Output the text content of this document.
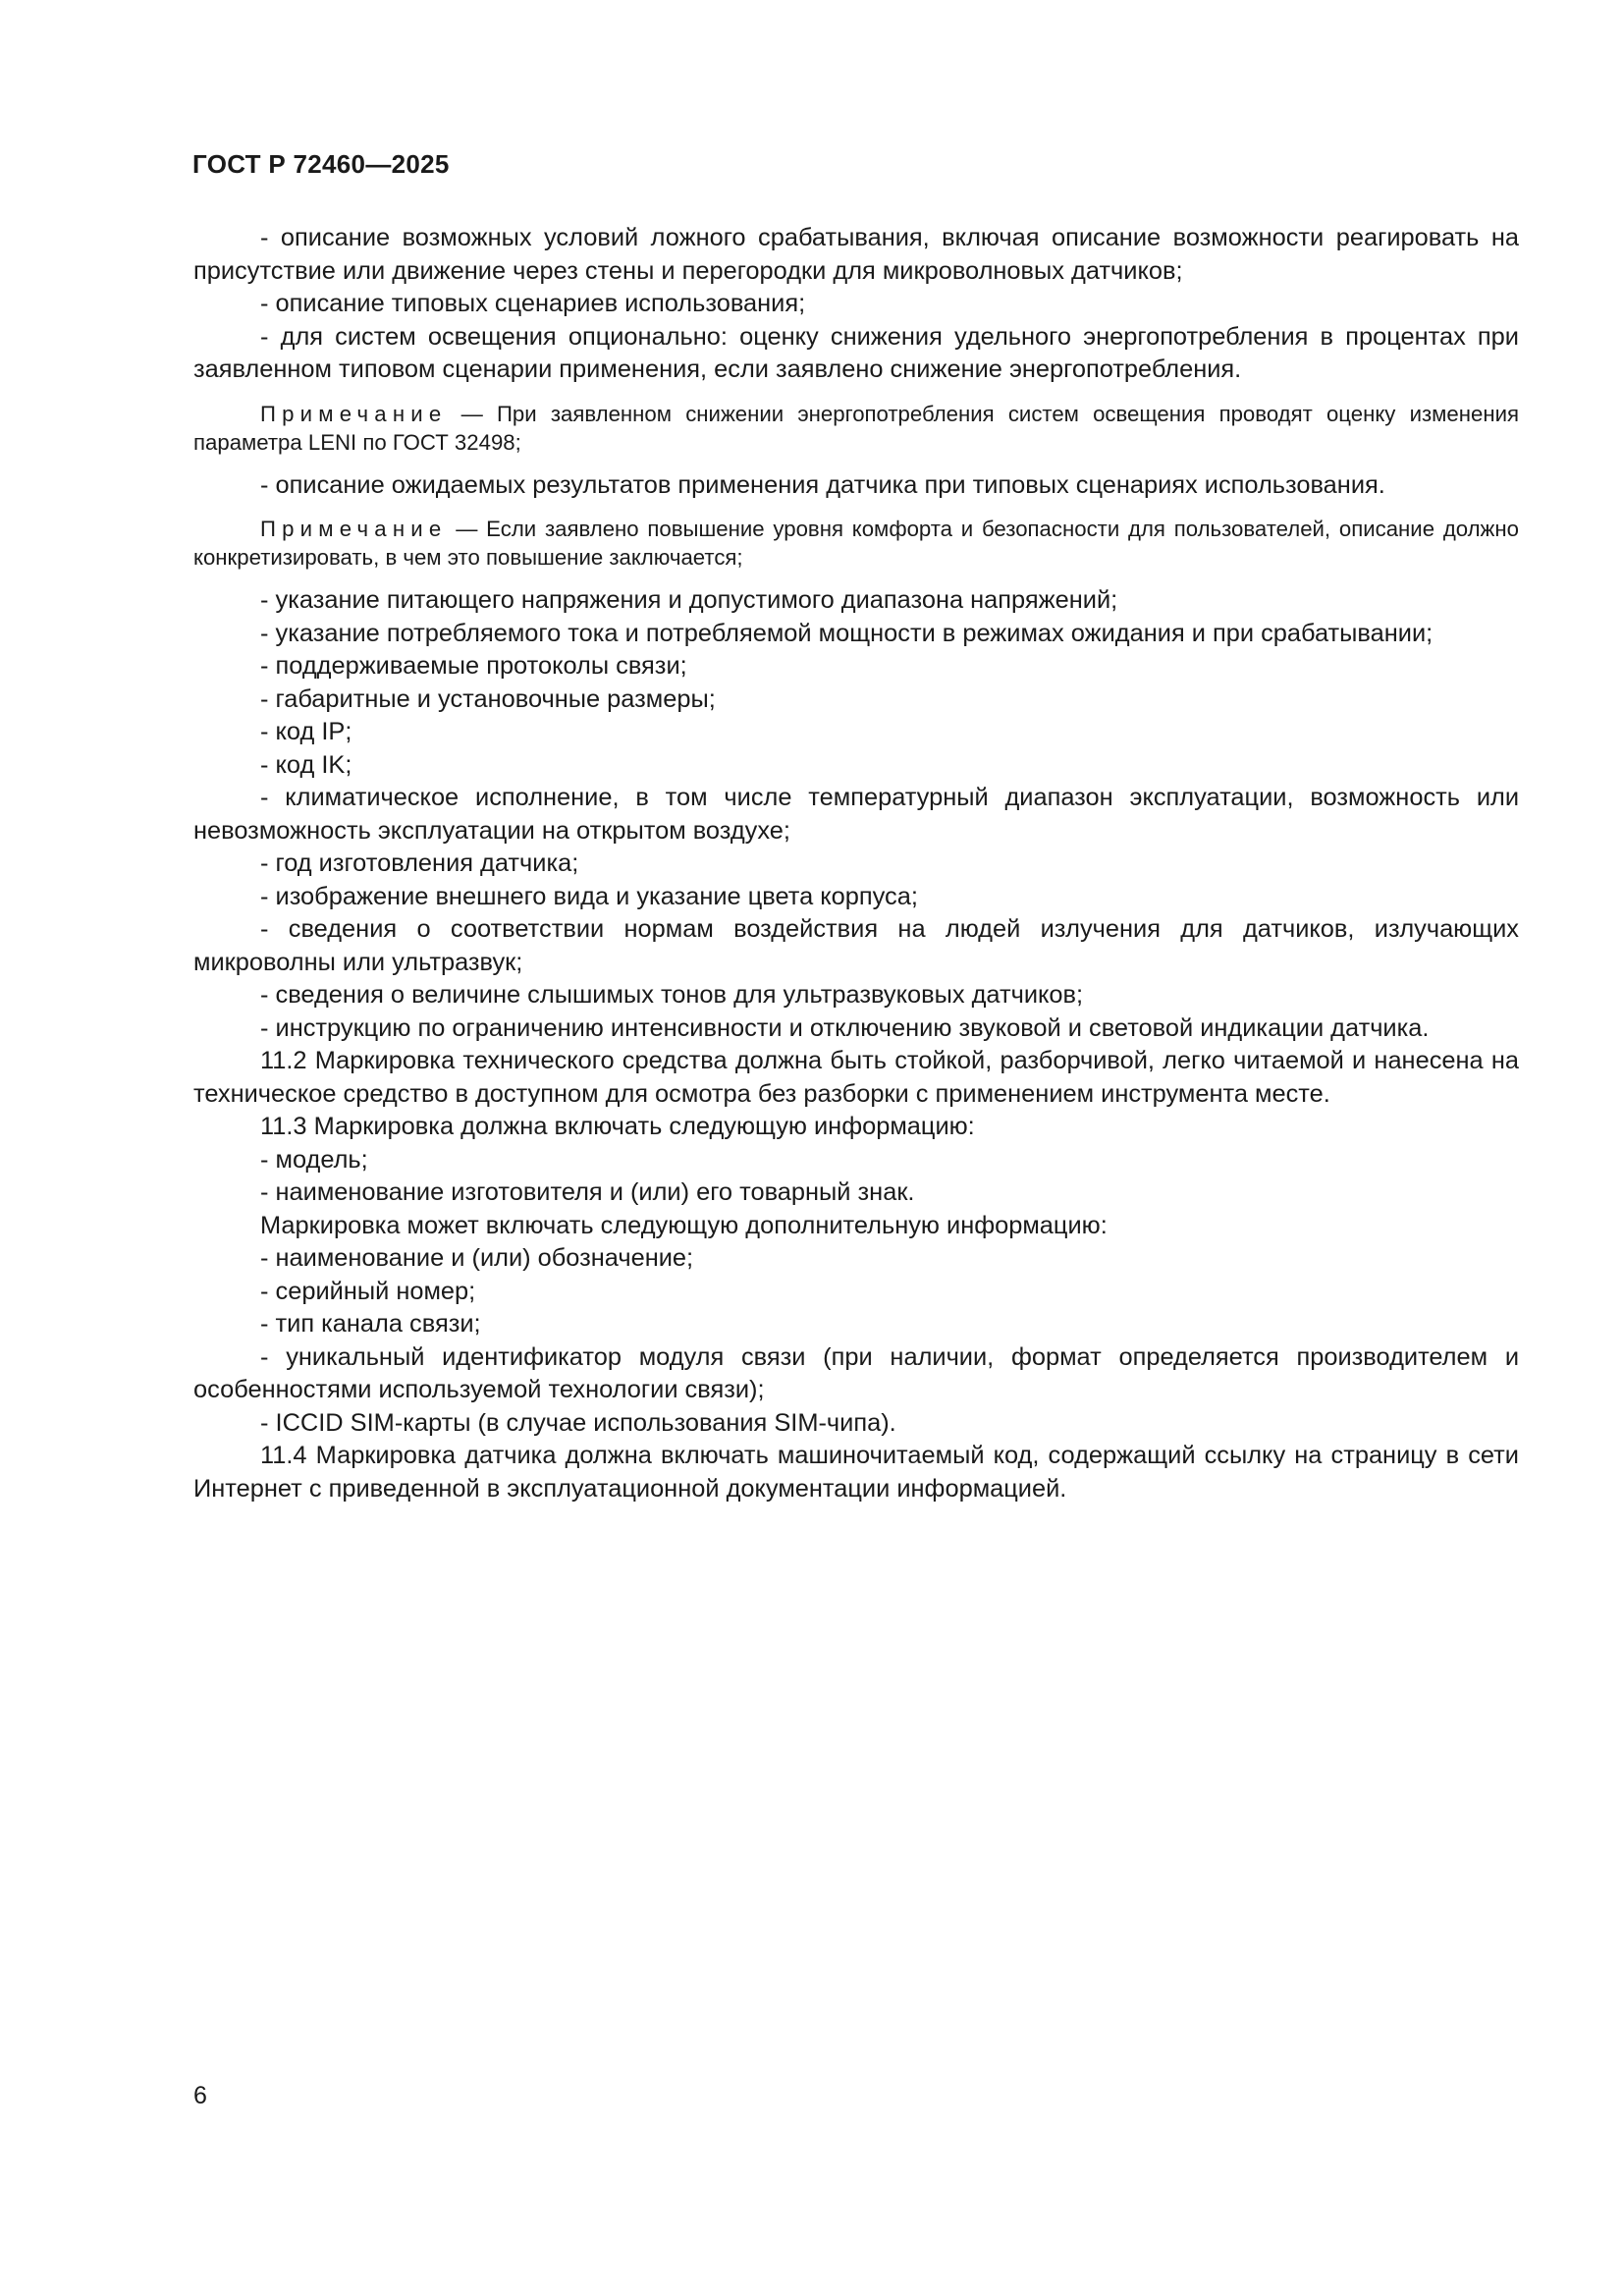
ГОСТ Р 72460—2025

- описание возможных условий ложного срабатывания, включая описание возможности реагировать на присутствие или движение через стены и перегородки для микроволновых датчиков;

- описание типовых сценариев использования;

- для систем освещения опционально: оценку снижения удельного энергопотребления в процентах при заявленном типовом сценарии применения, если заявлено снижение энергопотребления.

Примечание — При заявленном снижении энергопотребления систем освещения проводят оценку изменения параметра LENI по ГОСТ 32498;

- описание ожидаемых результатов применения датчика при типовых сценариях использования.

Примечание — Если заявлено повышение уровня комфорта и безопасности для пользователей, описание должно конкретизировать, в чем это повышение заключается;

- указание питающего напряжения и допустимого диапазона напряжений;

- указание потребляемого тока и потребляемой мощности в режимах ожидания и при срабатывании;

- поддерживаемые протоколы связи;

- габаритные и установочные размеры;

- код IP;

- код IK;

- климатическое исполнение, в том числе температурный диапазон эксплуатации, возможность или невозможность эксплуатации на открытом воздухе;

- год изготовления датчика;

- изображение внешнего вида и указание цвета корпуса;

- сведения о соответствии нормам воздействия на людей излучения для датчиков, излучающих микроволны или ультразвук;

- сведения о величине слышимых тонов для ультразвуковых датчиков;

- инструкцию по ограничению интенсивности и отключению звуковой и световой индикации датчика.

11.2 Маркировка технического средства должна быть стойкой, разборчивой, легко читаемой и нанесена на техническое средство в доступном для осмотра без разборки с применением инструмента месте.

11.3 Маркировка должна включать следующую информацию:

- модель;

- наименование изготовителя и (или) его товарный знак.

Маркировка может включать следующую дополнительную информацию:

- наименование и (или) обозначение;

- серийный номер;

- тип канала связи;

- уникальный идентификатор модуля связи (при наличии, формат определяется производителем и особенностями используемой технологии связи);

- ICCID SIM-карты (в случае использования SIM-чипа).

11.4 Маркировка датчика должна включать машиночитаемый код, содержащий ссылку на страницу в сети Интернет с приведенной в эксплуатационной документации информацией.

6
